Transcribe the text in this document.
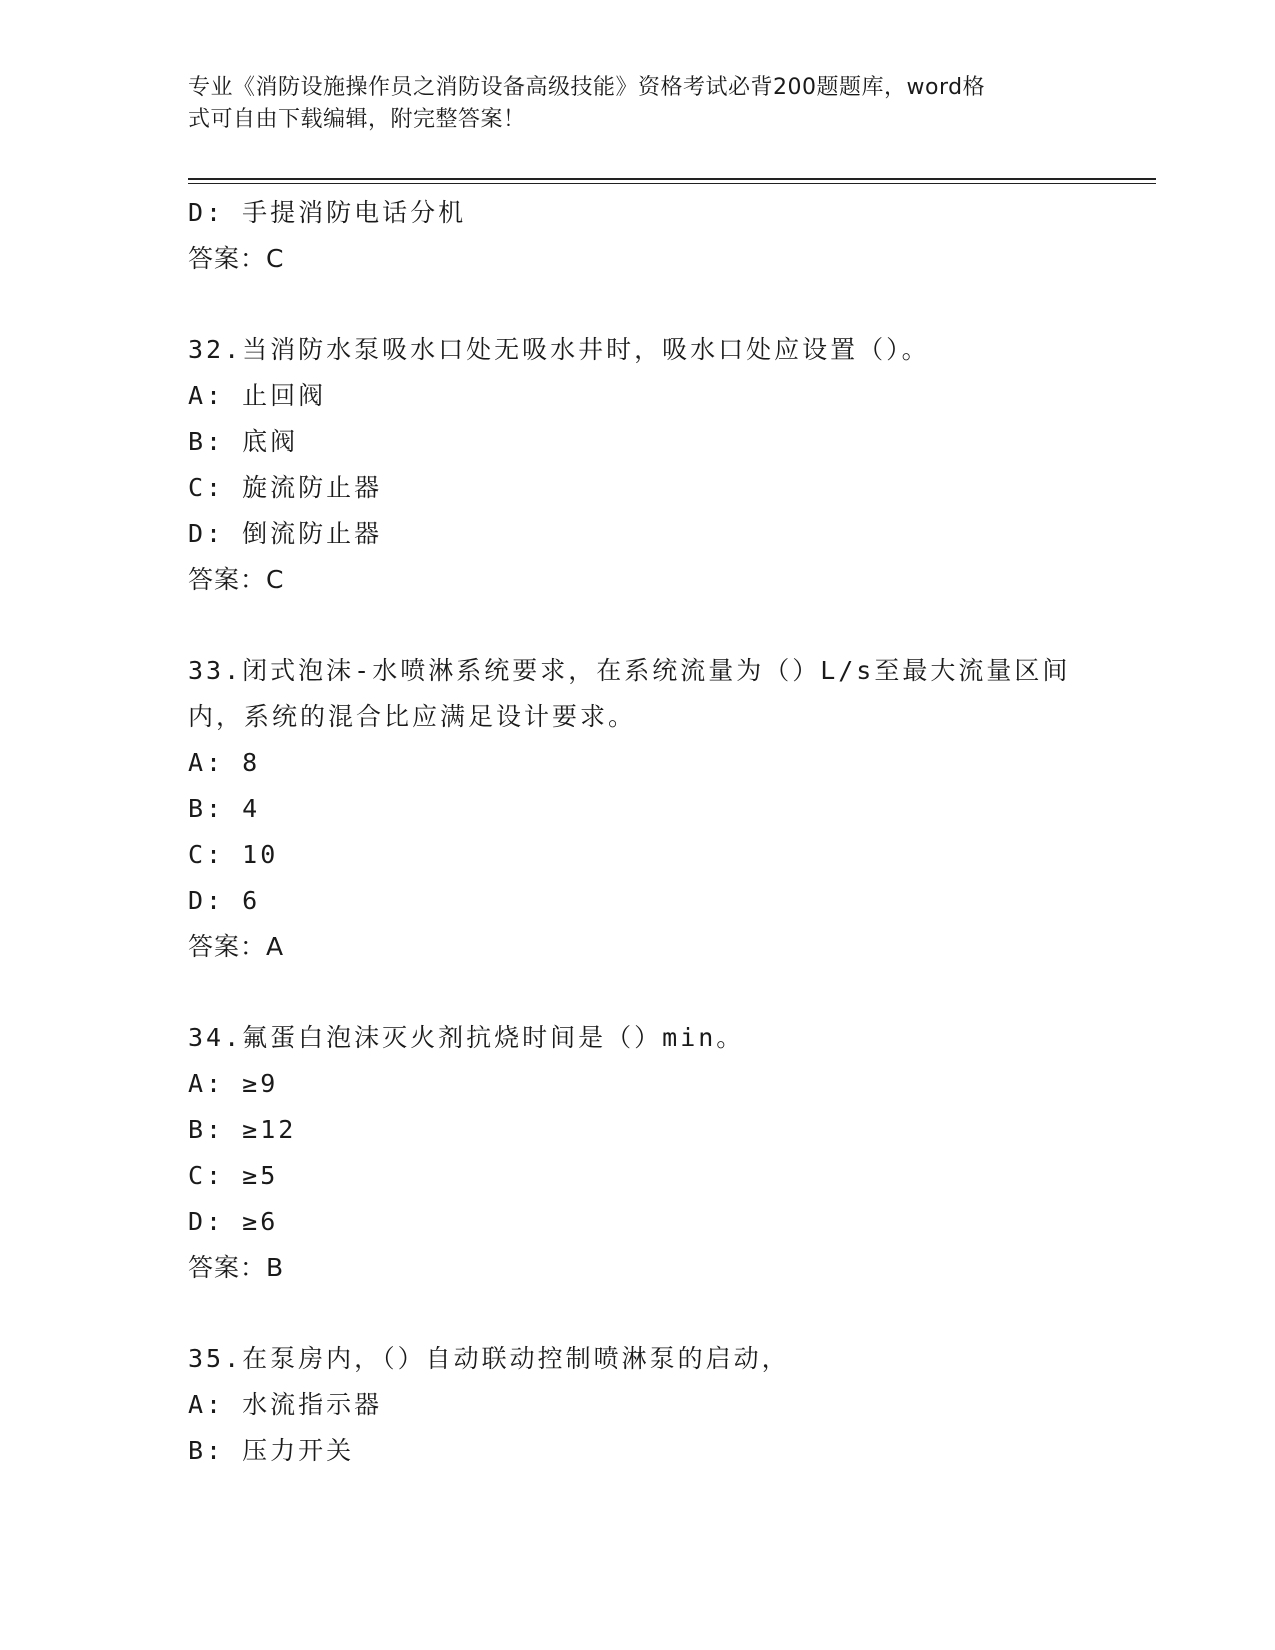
专业《消防设施操作员之消防设备高级技能》资格考试必背200题题库，word格
式可自由下载编辑，附完整答案！
D: 手提消防电话分机
答案：C
32.当消防水泵吸水口处无吸水井时，吸水口处应设置（）。
A: 止回阀
B: 底阀
C: 旋流防止器
D: 倒流防止器
答案：C
33.闭式泡沫-水喷淋系统要求，在系统流量为（）L/s至最大流量区间
内，系统的混合比应满足设计要求。
A: 8
B: 4
C: 10
D: 6
答案：A
34.氟蛋白泡沫灭火剂抗烧时间是（）min。
A: ≥9
B: ≥12
C: ≥5
D: ≥6
答案：B
35.在泵房内，（）自动联动控制喷淋泵的启动，
A: 水流指示器
B: 压力开关
